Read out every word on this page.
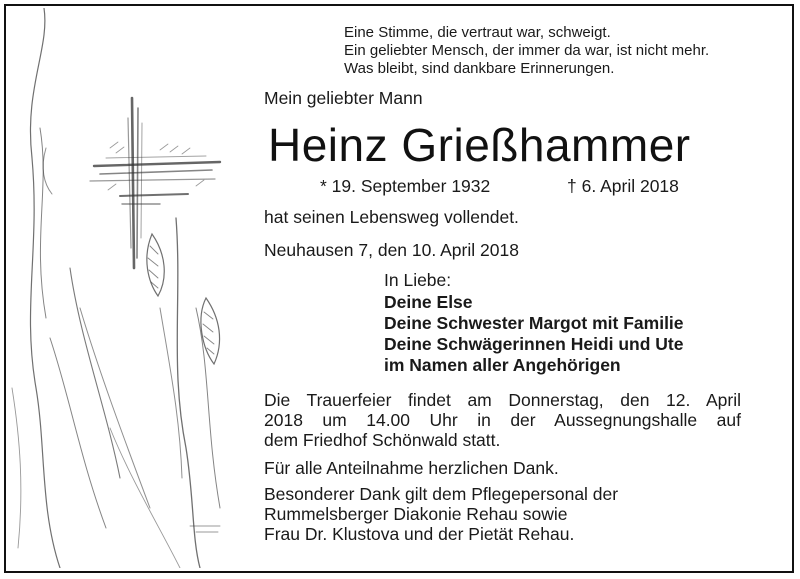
Eine Stimme, die vertraut war, schweigt.
Ein geliebter Mensch, der immer da war, ist nicht mehr.
Was bleibt, sind dankbare Erinnerungen.
Mein geliebter Mann
Heinz Grießhammer
* 19. September 1932	† 6. April 2018
hat seinen Lebensweg vollendet.
Neuhausen 7, den 10. April 2018
In Liebe:
Deine Else
Deine Schwester Margot mit Familie
Deine Schwägerinnen Heidi und Ute
im Namen aller Angehörigen
Die Trauerfeier findet am Donnerstag, den 12. April
2018 um 14.00 Uhr in der Aussegnungshalle auf
dem Friedhof Schönwald statt.
Für alle Anteilnahme herzlichen Dank.
Besonderer Dank gilt dem Pflegepersonal der
Rummelsberger Diakonie Rehau sowie
Frau Dr. Klustova und der Pietät Rehau.
